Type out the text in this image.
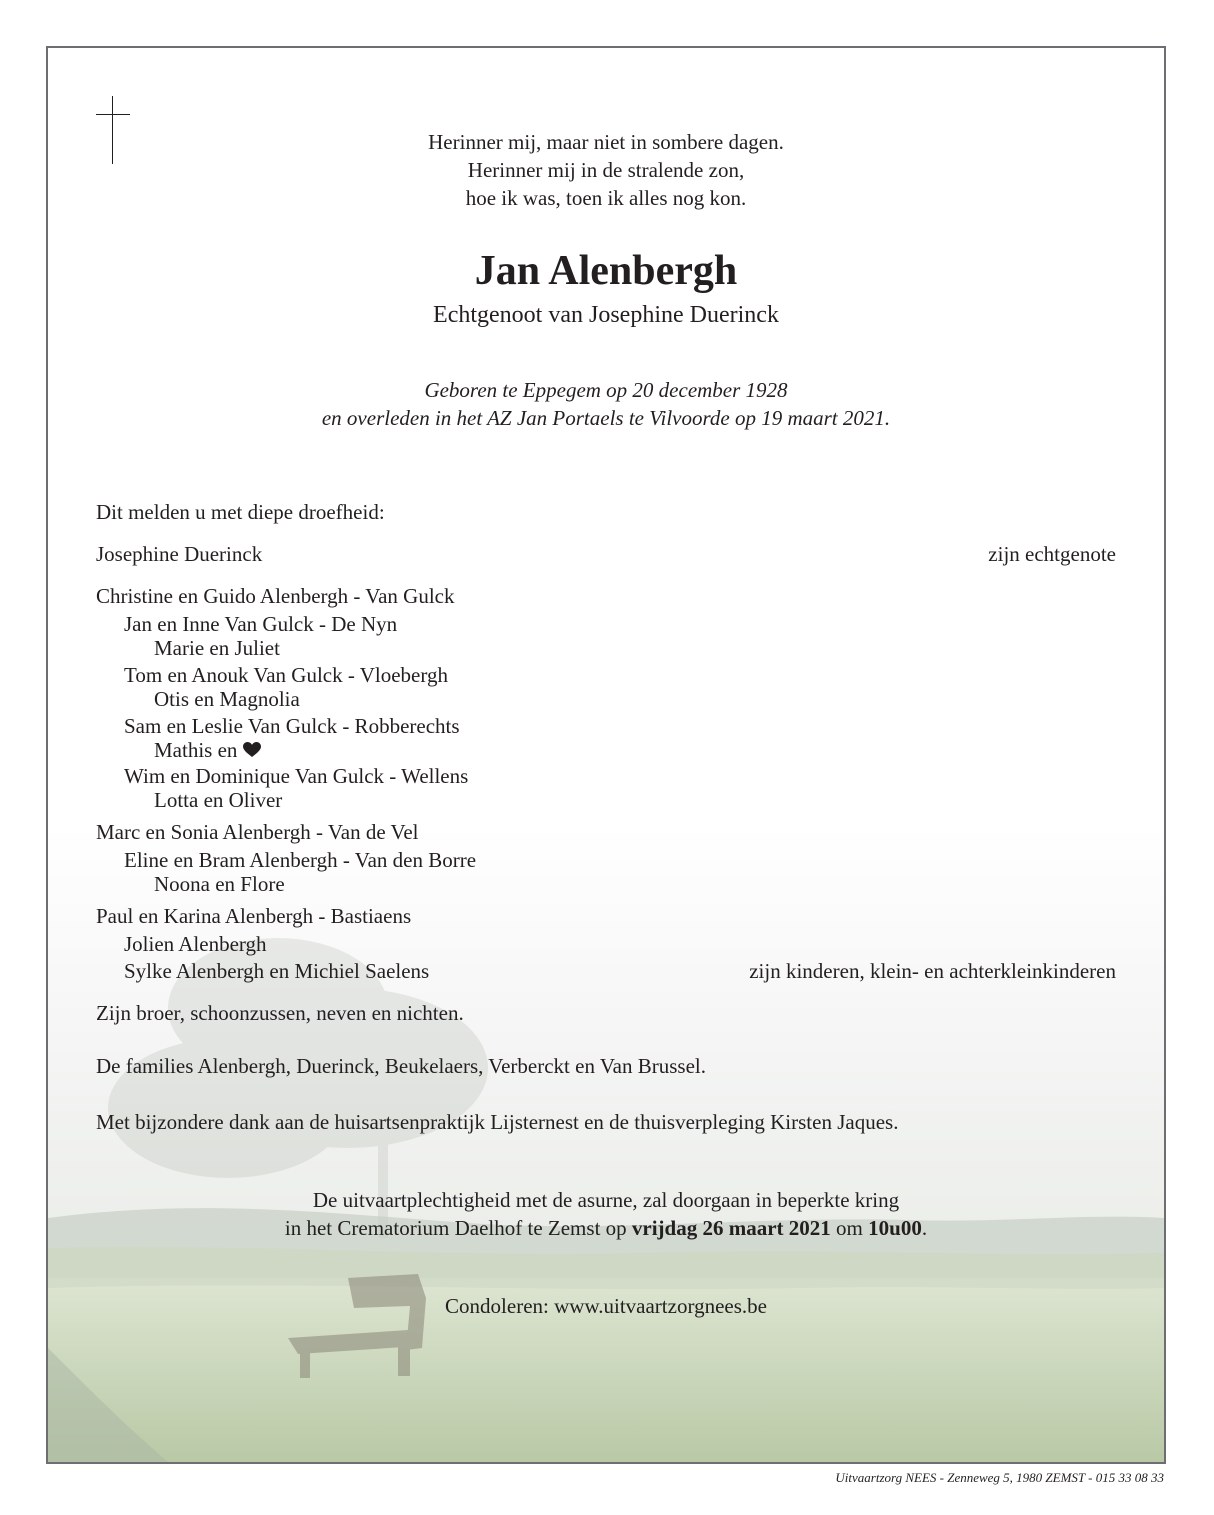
Herinner mij, maar niet in sombere dagen.
Herinner mij in de stralende zon,
hoe ik was, toen ik alles nog kon.
Jan Alenbergh
Echtgenoot van Josephine Duerinck
Geboren te Eppegem op 20 december 1928
en overleden in het AZ Jan Portaels te Vilvoorde op 19 maart 2021.
Dit melden u met diepe droefheid:
Josephine Duerinck	zijn echtgenote
Christine en Guido Alenbergh - Van Gulck
Jan en Inne Van Gulck - De Nyn
Marie en Juliet
Tom en Anouk Van Gulck - Vloebergh
Otis en Magnolia
Sam en Leslie Van Gulck - Robberechts
Mathis en
Wim en Dominique Van Gulck - Wellens
Lotta en Oliver
Marc en Sonia Alenbergh - Van de Vel
Eline en Bram Alenbergh - Van den Borre
Noona en Flore
Paul en Karina Alenbergh - Bastiaens
Jolien Alenbergh
Sylke Alenbergh en Michiel Saelens	zijn kinderen, klein- en achterkleinkinderen
Zijn broer, schoonzussen, neven en nichten.
De families Alenbergh, Duerinck, Beukelaers, Verberckt en Van Brussel.
Met bijzondere dank aan de huisartsenpraktijk Lijsternest en de thuisverpleging Kirsten Jaques.
De uitvaartplechtigheid met de asurne, zal doorgaan in beperkte kring
in het Crematorium Daelhof te Zemst op vrijdag 26 maart 2021 om 10u00.
Condoleren: www.uitvaartzorgnees.be
Uitvaartzorg NEES - Zenneweg 5, 1980 ZEMST - 015 33 08 33
